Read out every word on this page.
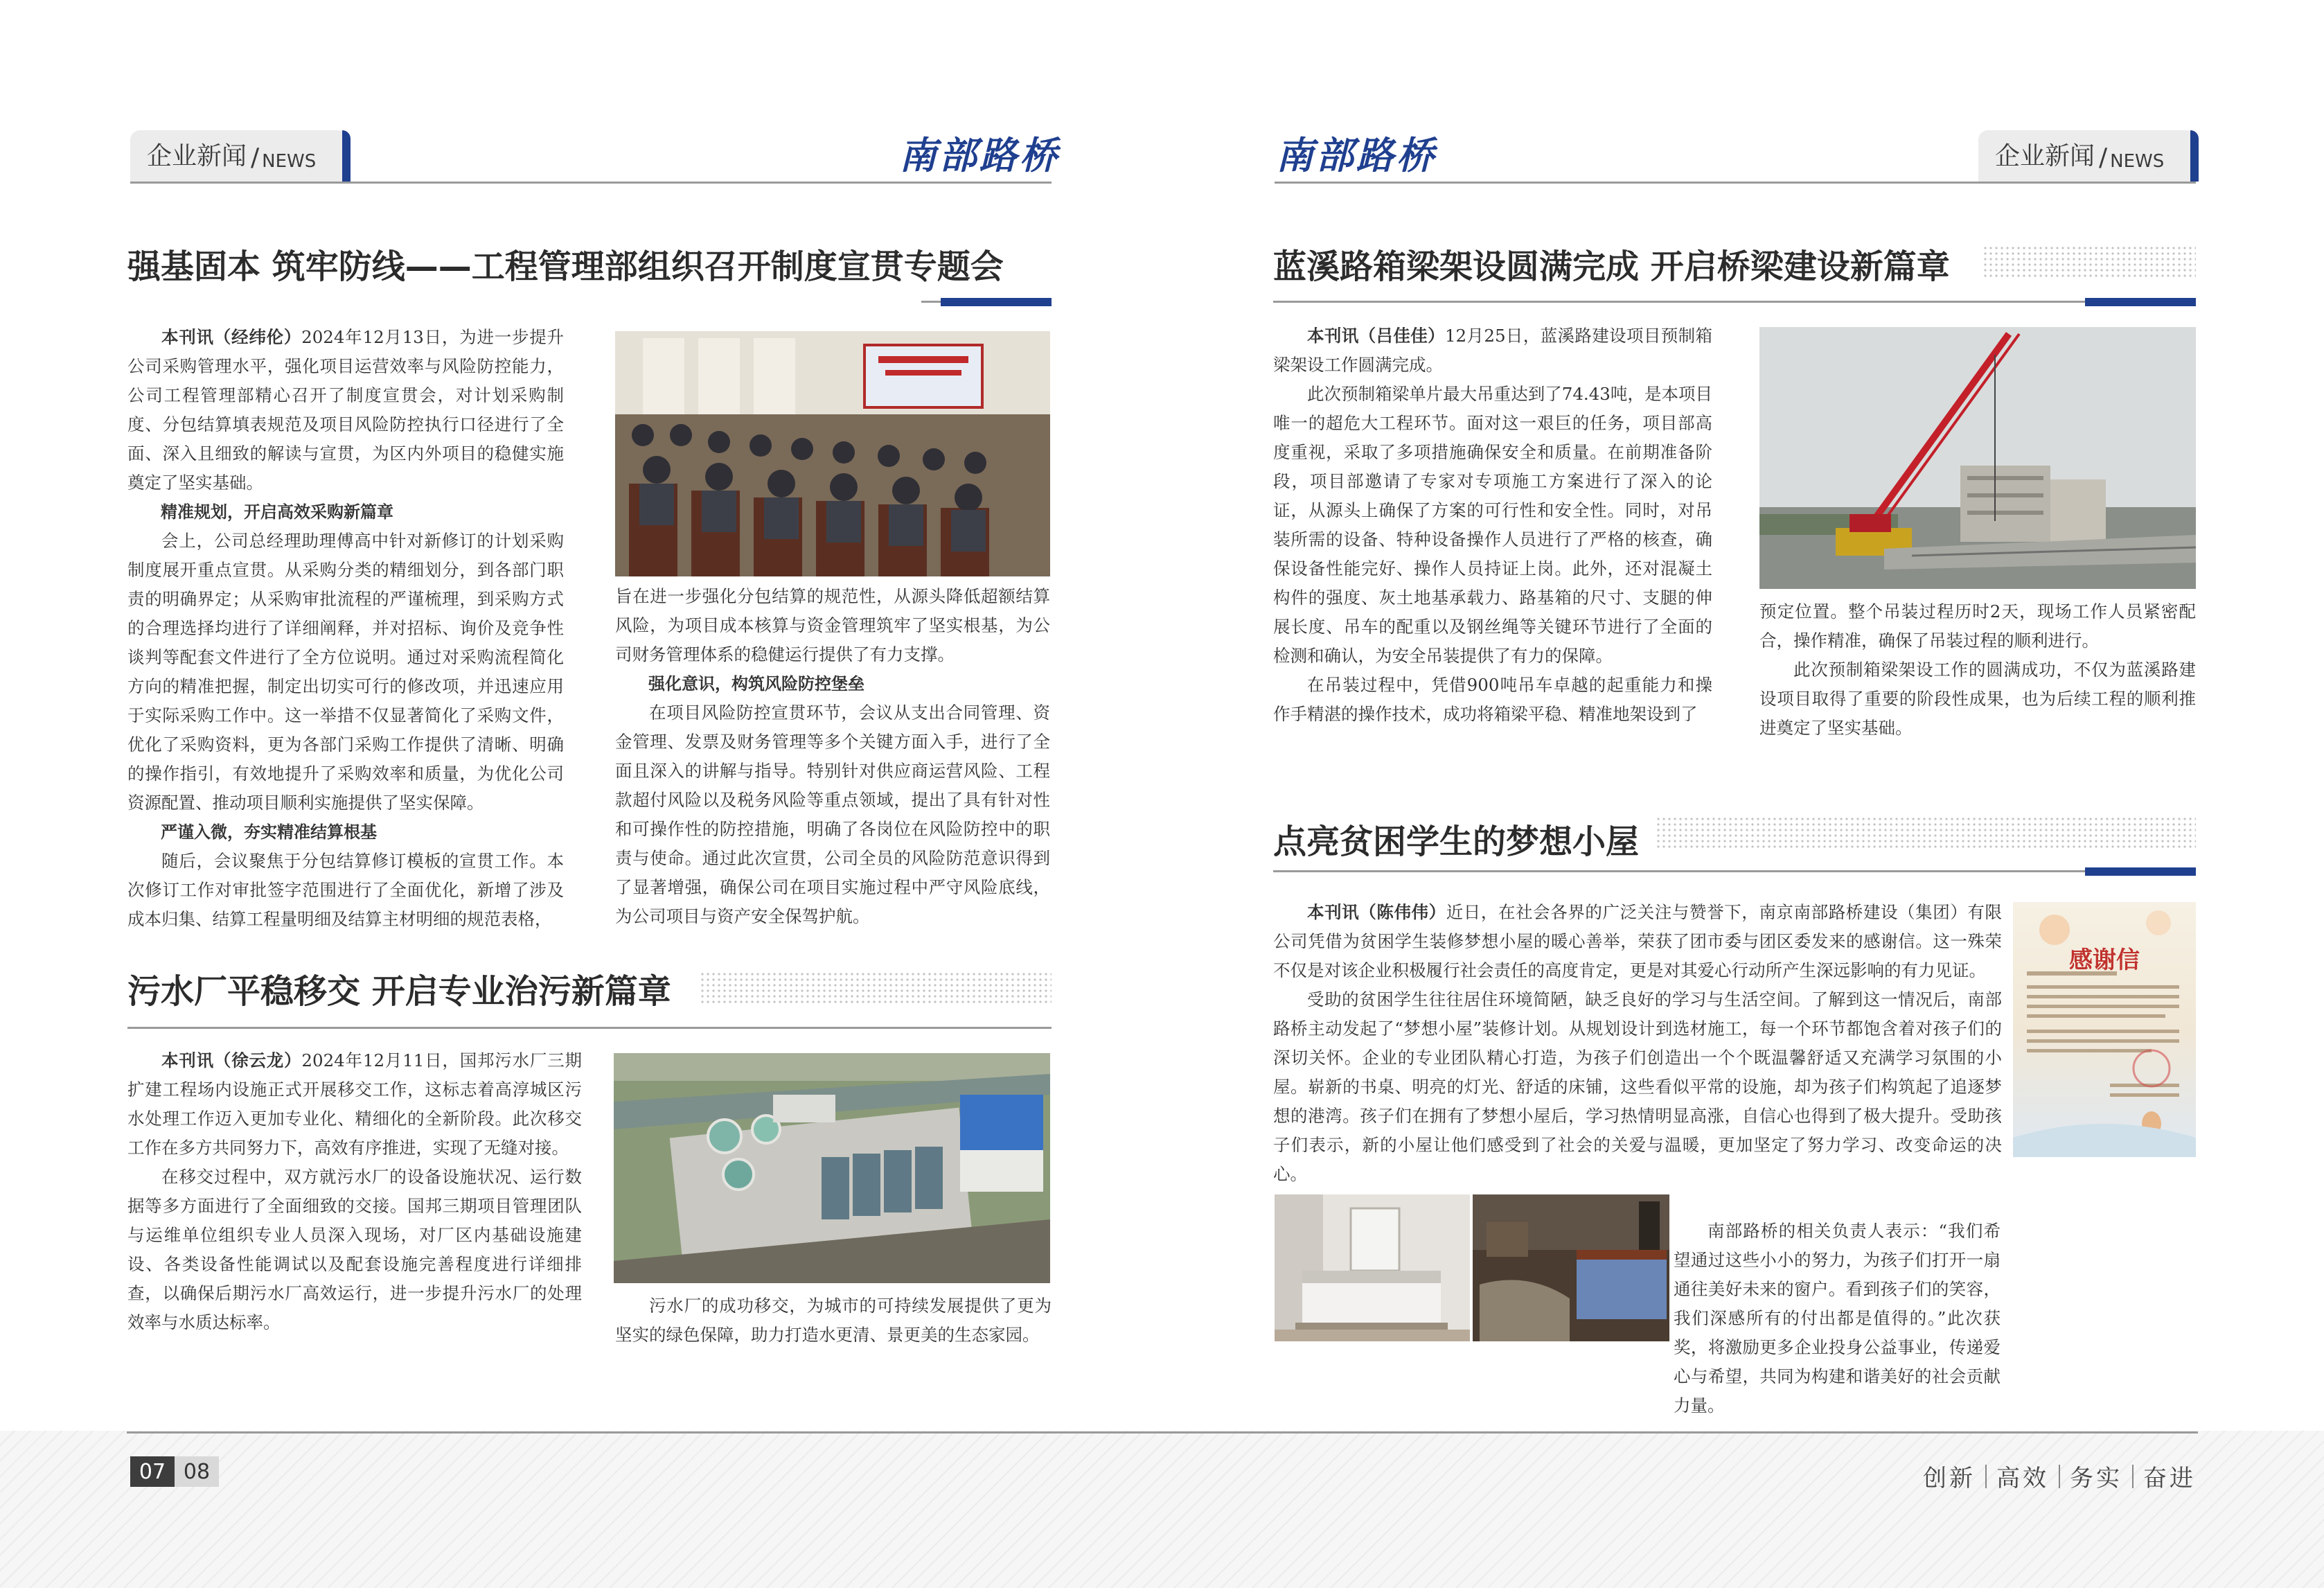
企业新闻 / NEWS	南部路桥	南部路桥	企业新闻 / NEWS
强基固本 筑牢防线——工程管理部组织召开制度宣贯专题会

本刊讯（经纬伦）2024年12月13日，为进一步提升公司采购管理水平，强化项目运营效率与风险防控能力，公司工程管理部精心召开了制度宣贯会，对计划采购制度、分包结算填表规范及项目风险防控执行口径进行了全面、深入且细致的解读与宣贯，为区内外项目的稳健实施奠定了坚实基础。

精准规划，开启高效采购新篇章

会上，公司总经理助理傅高中针对新修订的计划采购制度展开重点宣贯。从采购分类的精细划分，到各部门职责的明确界定；从采购审批流程的严谨梳理，到采购方式的合理选择均进行了详细阐释，并对招标、询价及竞争性谈判等配套文件进行了全方位说明。通过对采购流程简化方向的精准把握，制定出切实可行的修改项，并迅速应用于实际采购工作中。这一举措不仅显著简化了采购文件，优化了采购资料，更为各部门采购工作提供了清晰、明确的操作指引，有效地提升了采购效率和质量，为优化公司资源配置、推动项目顺利实施提供了坚实保障。

严谨入微，夯实精准结算根基

随后，会议聚焦于分包结算修订模板的宣贯工作。本次修订工作对审批签字范围进行了全面优化，新增了涉及成本归集、结算工程量明细及结算主材明细的规范表格，

旨在进一步强化分包结算的规范性，从源头降低超额结算风险，为项目成本核算与资金管理筑牢了坚实根基，为公司财务管理体系的稳健运行提供了有力支撑。

强化意识，构筑风险防控堡垒

在项目风险防控宣贯环节，会议从支出合同管理、资金管理、发票及财务管理等多个关键方面入手，进行了全面且深入的讲解与指导。特别针对供应商运营风险、工程款超付风险以及税务风险等重点领域，提出了具有针对性和可操作性的防控措施，明确了各岗位在风险防控中的职责与使命。通过此次宣贯，公司全员的风险防范意识得到了显著增强，确保公司在项目实施过程中严守风险底线，为公司项目与资产安全保驾护航。

污水厂平稳移交 开启专业治污新篇章

本刊讯（徐云龙）2024年12月11日，国邦污水厂三期扩建工程场内设施正式开展移交工作，这标志着高淳城区污水处理工作迈入更加专业化、精细化的全新阶段。此次移交工作在多方共同努力下，高效有序推进，实现了无缝对接。

在移交过程中，双方就污水厂的设备设施状况、运行数据等多方面进行了全面细致的交接。国邦三期项目管理团队与运维单位组织专业人员深入现场，对厂区内基础设施建设、各类设备性能调试以及配套设施完善程度进行详细排查，以确保后期污水厂高效运行，进一步提升污水厂的处理效率与水质达标率。

污水厂的成功移交，为城市的可持续发展提供了更为坚实的绿色保障，助力打造水更清、景更美的生态家园。

蓝溪路箱梁架设圆满完成 开启桥梁建设新篇章

本刊讯（吕佳佳）12月25日，蓝溪路建设项目预制箱梁架设工作圆满完成。

此次预制箱梁单片最大吊重达到了74.43吨，是本项目唯一的超危大工程环节。面对这一艰巨的任务，项目部高度重视，采取了多项措施确保安全和质量。在前期准备阶段，项目部邀请了专家对专项施工方案进行了深入的论证，从源头上确保了方案的可行性和安全性。同时，对吊装所需的设备、特种设备操作人员进行了严格的核查，确保设备性能完好、操作人员持证上岗。此外，还对混凝土构件的强度、灰土地基承载力、路基箱的尺寸、支腿的伸展长度、吊车的配重以及钢丝绳等关键环节进行了全面的检测和确认，为安全吊装提供了有力的保障。

在吊装过程中，凭借900吨吊车卓越的起重能力和操作手精湛的操作技术，成功将箱梁平稳、精准地架设到了

预定位置。整个吊装过程历时2天，现场工作人员紧密配合，操作精准，确保了吊装过程的顺利进行。

此次预制箱梁架设工作的圆满成功，不仅为蓝溪路建设项目取得了重要的阶段性成果，也为后续工程的顺利推进奠定了坚实基础。

点亮贫困学生的梦想小屋

本刊讯（陈伟伟）近日，在社会各界的广泛关注与赞誉下，南京南部路桥建设（集团）有限公司凭借为贫困学生装修梦想小屋的暖心善举，荣获了团市委与团区委发来的感谢信。这一殊荣不仅是对该企业积极履行社会责任的高度肯定，更是对其爱心行动所产生深远影响的有力见证。

受助的贫困学生往往居住环境简陋，缺乏良好的学习与生活空间。了解到这一情况后，南部路桥主动发起了“梦想小屋”装修计划。从规划设计到选材施工，每一个环节都饱含着对孩子们的深切关怀。企业的专业团队精心打造，为孩子们创造出一个个既温馨舒适又充满学习氛围的小屋。崭新的书桌、明亮的灯光、舒适的床铺，这些看似平常的设施，却为孩子们构筑起了追逐梦想的港湾。孩子们在拥有了梦想小屋后，学习热情明显高涨，自信心也得到了极大提升。受助孩子们表示，新的小屋让他们感受到了社会的关爱与温暖，更加坚定了努力学习、改变命运的决心。

感谢信

南部路桥的相关负责人表示：“我们希望通过这些小小的努力，为孩子们打开一扇通往美好未来的窗户。看到孩子们的笑容，我们深感所有的付出都是值得的。”此次获奖，将激励更多企业投身公益事业，传递爱心与希望，共同为构建和谐美好的社会贡献力量。

07 08	创新 高效 务实 奋进
